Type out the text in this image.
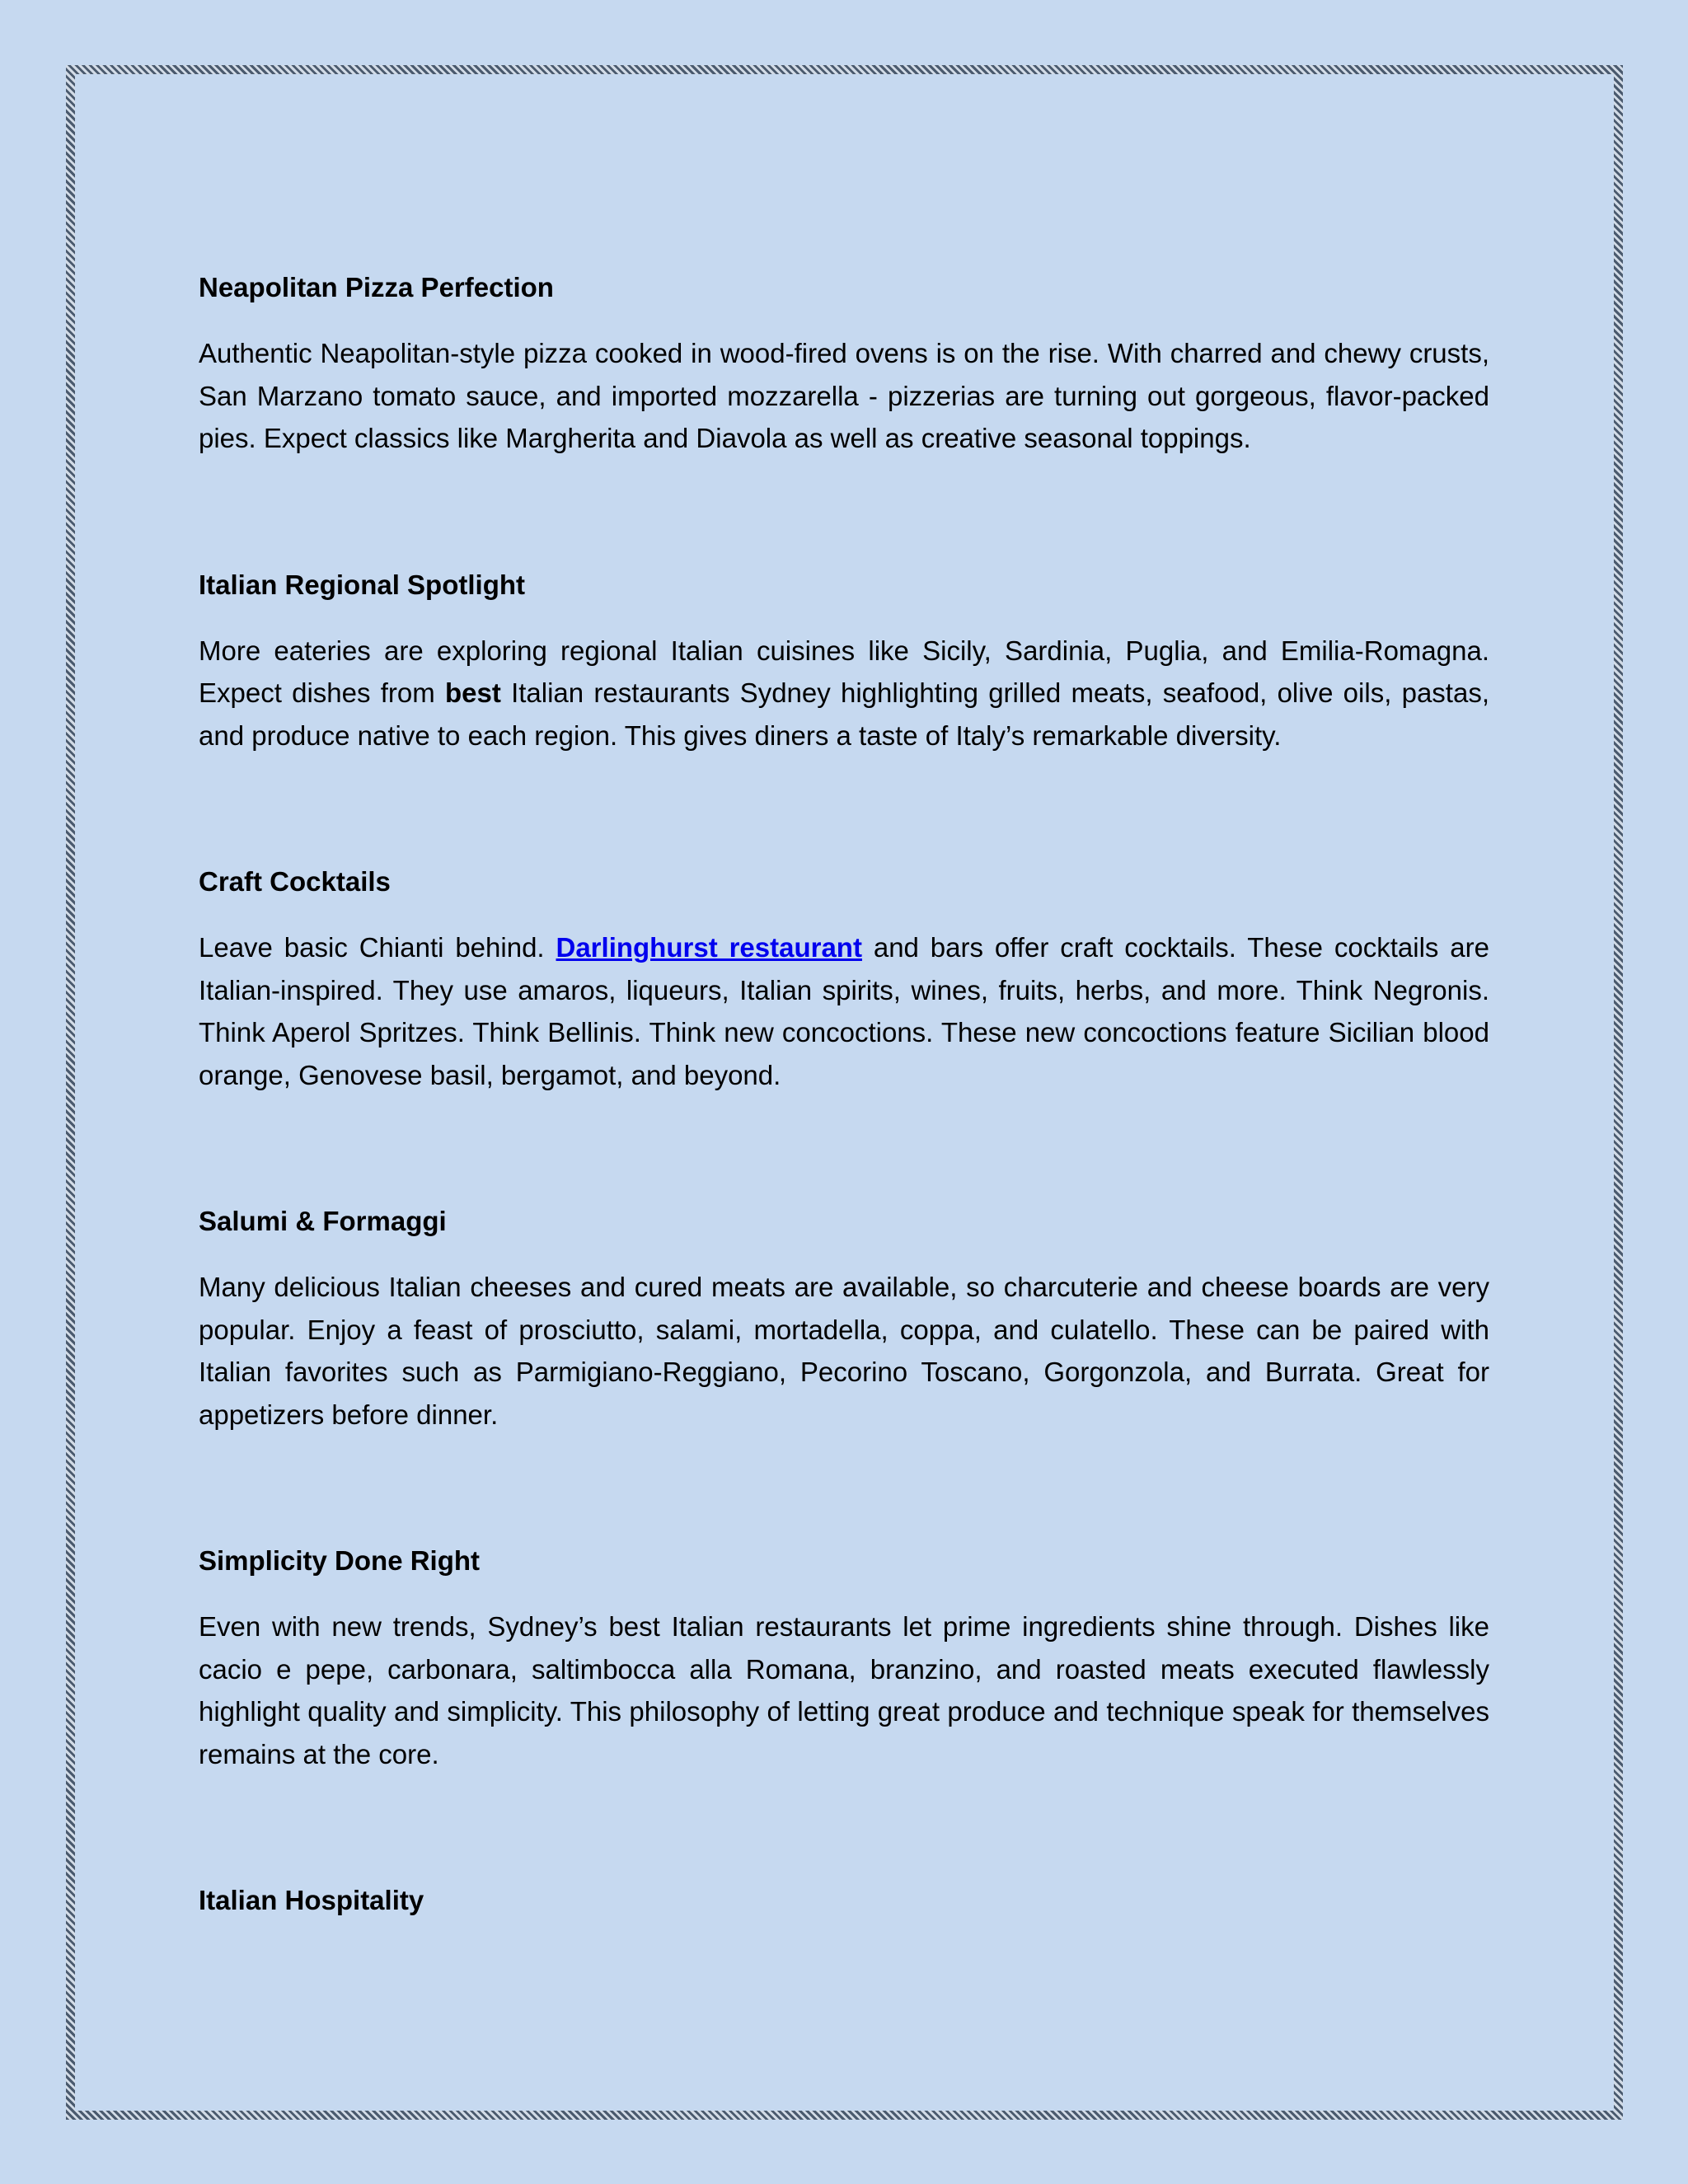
Neapolitan Pizza Perfection

Authentic Neapolitan-style pizza cooked in wood-fired ovens is on the rise. With charred and chewy crusts, San Marzano tomato sauce, and imported mozzarella - pizzerias are turning out gorgeous, flavor-packed pies. Expect classics like Margherita and Diavola as well as creative seasonal toppings.

Italian Regional Spotlight

More eateries are exploring regional Italian cuisines like Sicily, Sardinia, Puglia, and Emilia-Romagna. Expect dishes from best Italian restaurants Sydney highlighting grilled meats, seafood, olive oils, pastas, and produce native to each region. This gives diners a taste of Italy’s remarkable diversity.

Craft Cocktails

Leave basic Chianti behind. Darlinghurst restaurant and bars offer craft cocktails. These cocktails are Italian-inspired. They use amaros, liqueurs, Italian spirits, wines, fruits, herbs, and more. Think Negronis. Think Aperol Spritzes. Think Bellinis. Think new concoctions. These new concoctions feature Sicilian blood orange, Genovese basil, bergamot, and beyond.

Salumi & Formaggi

Many delicious Italian cheeses and cured meats are available, so charcuterie and cheese boards are very popular. Enjoy a feast of prosciutto, salami, mortadella, coppa, and culatello. These can be paired with Italian favorites such as Parmigiano-Reggiano, Pecorino Toscano, Gorgonzola, and Burrata. Great for appetizers before dinner.

Simplicity Done Right

Even with new trends, Sydney’s best Italian restaurants let prime ingredients shine through. Dishes like cacio e pepe, carbonara, saltimbocca alla Romana, branzino, and roasted meats executed flawlessly highlight quality and simplicity. This philosophy of letting great produce and technique speak for themselves remains at the core.

Italian Hospitality
